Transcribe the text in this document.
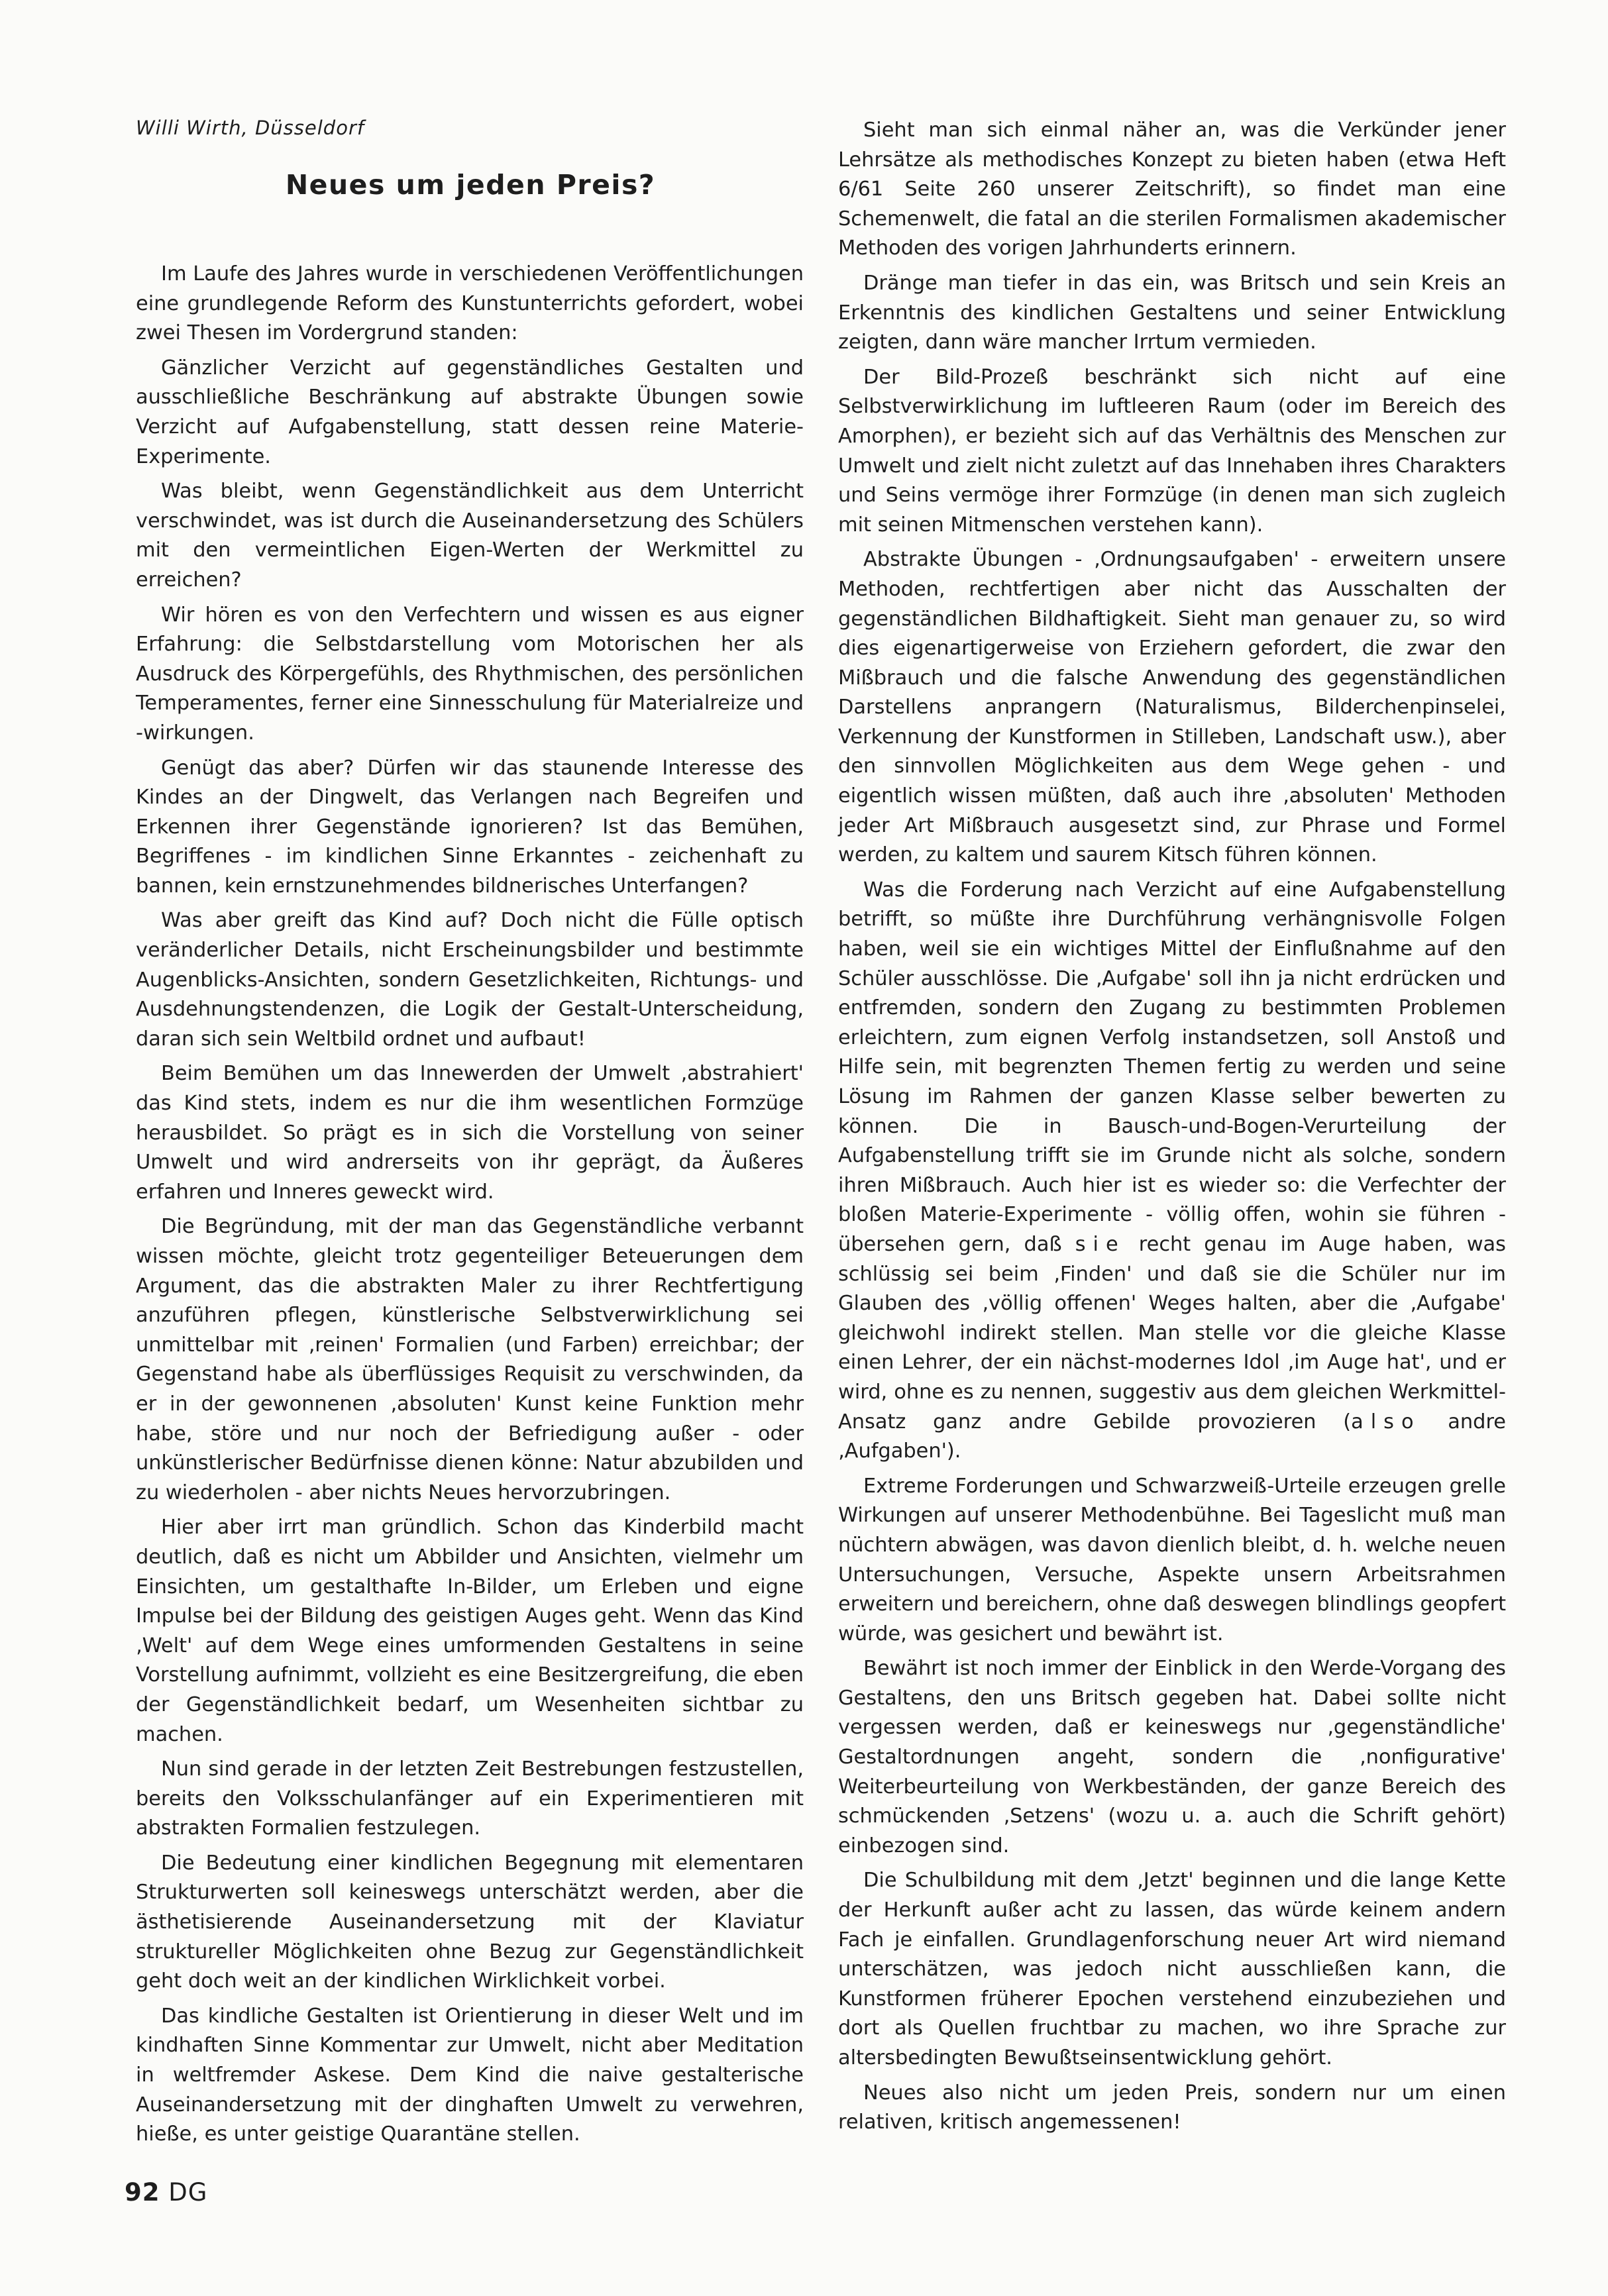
Willi Wirth, Düsseldorf

Neues um jeden Preis?

Im Laufe des Jahres wurde in verschiedenen Veröffentlichungen eine grundlegende Reform des Kunstunterrichts gefordert, wobei zwei Thesen im Vordergrund standen:

Gänzlicher Verzicht auf gegenständliches Gestalten und ausschließliche Beschränkung auf abstrakte Übungen sowie Verzicht auf Aufgabenstellung, statt dessen reine Materie-Experimente.

Was bleibt, wenn Gegenständlichkeit aus dem Unterricht verschwindet, was ist durch die Auseinandersetzung des Schülers mit den vermeintlichen Eigen-Werten der Werkmittel zu erreichen?

Wir hören es von den Verfechtern und wissen es aus eigner Erfahrung: die Selbstdarstellung vom Motorischen her als Ausdruck des Körpergefühls, des Rhythmischen, des persönlichen Temperamentes, ferner eine Sinnesschulung für Materialreize und -wirkungen.

Genügt das aber? Dürfen wir das staunende Interesse des Kindes an der Dingwelt, das Verlangen nach Begreifen und Erkennen ihrer Gegenstände ignorieren? Ist das Bemühen, Begriffenes - im kindlichen Sinne Erkanntes - zeichenhaft zu bannen, kein ernstzunehmendes bildnerisches Unterfangen?

Was aber greift das Kind auf? Doch nicht die Fülle optisch veränderlicher Details, nicht Erscheinungsbilder und bestimmte Augenblicks-Ansichten, sondern Gesetzlichkeiten, Richtungs- und Ausdehnungstendenzen, die Logik der Gestalt-Unterscheidung, daran sich sein Weltbild ordnet und aufbaut!

Beim Bemühen um das Innewerden der Umwelt ‚abstrahiert' das Kind stets, indem es nur die ihm wesentlichen Formzüge herausbildet. So prägt es in sich die Vorstellung von seiner Umwelt und wird andrerseits von ihr geprägt, da Äußeres erfahren und Inneres geweckt wird.

Die Begründung, mit der man das Gegenständliche verbannt wissen möchte, gleicht trotz gegenteiliger Beteuerungen dem Argument, das die abstrakten Maler zu ihrer Rechtfertigung anzuführen pflegen, künstlerische Selbstverwirklichung sei unmittelbar mit ‚reinen' Formalien (und Farben) erreichbar; der Gegenstand habe als überflüssiges Requisit zu verschwinden, da er in der gewonnenen ‚absoluten' Kunst keine Funktion mehr habe, störe und nur noch der Befriedigung außer - oder unkünstlerischer Bedürfnisse dienen könne: Natur abzubilden und zu wiederholen - aber nichts Neues hervorzubringen.

Hier aber irrt man gründlich. Schon das Kinderbild macht deutlich, daß es nicht um Abbilder und Ansichten, vielmehr um Einsichten, um gestalthafte In-Bilder, um Erleben und eigne Impulse bei der Bildung des geistigen Auges geht. Wenn das Kind ‚Welt' auf dem Wege eines umformenden Gestaltens in seine Vorstellung aufnimmt, vollzieht es eine Besitzergreifung, die eben der Gegenständlichkeit bedarf, um Wesenheiten sichtbar zu machen.

Nun sind gerade in der letzten Zeit Bestrebungen festzustellen, bereits den Volksschulanfänger auf ein Experimentieren mit abstrakten Formalien festzulegen.

Die Bedeutung einer kindlichen Begegnung mit elementaren Strukturwerten soll keineswegs unterschätzt werden, aber die ästhetisierende Auseinandersetzung mit der Klaviatur struktureller Möglichkeiten ohne Bezug zur Gegenständlichkeit geht doch weit an der kindlichen Wirklichkeit vorbei.

Das kindliche Gestalten ist Orientierung in dieser Welt und im kindhaften Sinne Kommentar zur Umwelt, nicht aber Meditation in weltfremder Askese. Dem Kind die naive gestalterische Auseinandersetzung mit der dinghaften Umwelt zu verwehren, hieße, es unter geistige Quarantäne stellen.

Sieht man sich einmal näher an, was die Verkünder jener Lehrsätze als methodisches Konzept zu bieten haben (etwa Heft 6/61 Seite 260 unserer Zeitschrift), so findet man eine Schemenwelt, die fatal an die sterilen Formalismen akademischer Methoden des vorigen Jahrhunderts erinnern.

Dränge man tiefer in das ein, was Britsch und sein Kreis an Erkenntnis des kindlichen Gestaltens und seiner Entwicklung zeigten, dann wäre mancher Irrtum vermieden.

Der Bild-Prozeß beschränkt sich nicht auf eine Selbstverwirklichung im luftleeren Raum (oder im Bereich des Amorphen), er bezieht sich auf das Verhältnis des Menschen zur Umwelt und zielt nicht zuletzt auf das Innehaben ihres Charakters und Seins vermöge ihrer Formzüge (in denen man sich zugleich mit seinen Mitmenschen verstehen kann).

Abstrakte Übungen - ‚Ordnungsaufgaben' - erweitern unsere Methoden, rechtfertigen aber nicht das Ausschalten der gegenständlichen Bildhaftigkeit. Sieht man genauer zu, so wird dies eigenartigerweise von Erziehern gefordert, die zwar den Mißbrauch und die falsche Anwendung des gegenständlichen Darstellens anprangern (Naturalismus, Bilderchenpinselei, Verkennung der Kunstformen in Stilleben, Landschaft usw.), aber den sinnvollen Möglichkeiten aus dem Wege gehen - und eigentlich wissen müßten, daß auch ihre ‚absoluten' Methoden jeder Art Mißbrauch ausgesetzt sind, zur Phrase und Formel werden, zu kaltem und saurem Kitsch führen können.

Was die Forderung nach Verzicht auf eine Aufgabenstellung betrifft, so müßte ihre Durchführung verhängnisvolle Folgen haben, weil sie ein wichtiges Mittel der Einflußnahme auf den Schüler ausschlösse. Die ‚Aufgabe' soll ihn ja nicht erdrücken und entfremden, sondern den Zugang zu bestimmten Problemen erleichtern, zum eignen Verfolg instandsetzen, soll Anstoß und Hilfe sein, mit begrenzten Themen fertig zu werden und seine Lösung im Rahmen der ganzen Klasse selber bewerten zu können. Die in Bausch-und-Bogen-Verurteilung der Aufgabenstellung trifft sie im Grunde nicht als solche, sondern ihren Mißbrauch. Auch hier ist es wieder so: die Verfechter der bloßen Materie-Experimente - völlig offen, wohin sie führen - übersehen gern, daß sie recht genau im Auge haben, was schlüssig sei beim ‚Finden' und daß sie die Schüler nur im Glauben des ‚völlig offenen' Weges halten, aber die ‚Aufgabe' gleichwohl indirekt stellen. Man stelle vor die gleiche Klasse einen Lehrer, der ein nächst-modernes Idol ‚im Auge hat', und er wird, ohne es zu nennen, suggestiv aus dem gleichen Werkmittel-Ansatz ganz andre Gebilde provozieren (also andre ‚Aufgaben').

Extreme Forderungen und Schwarzweiß-Urteile erzeugen grelle Wirkungen auf unserer Methodenbühne. Bei Tageslicht muß man nüchtern abwägen, was davon dienlich bleibt, d. h. welche neuen Untersuchungen, Versuche, Aspekte unsern Arbeitsrahmen erweitern und bereichern, ohne daß deswegen blindlings geopfert würde, was gesichert und bewährt ist.

Bewährt ist noch immer der Einblick in den Werde-Vorgang des Gestaltens, den uns Britsch gegeben hat. Dabei sollte nicht vergessen werden, daß er keineswegs nur ‚gegenständliche' Gestaltordnungen angeht, sondern die ‚nonfigurative' Weiterbeurteilung von Werkbeständen, der ganze Bereich des schmückenden ‚Setzens' (wozu u. a. auch die Schrift gehört) einbezogen sind.

Die Schulbildung mit dem ‚Jetzt' beginnen und die lange Kette der Herkunft außer acht zu lassen, das würde keinem andern Fach je einfallen. Grundlagenforschung neuer Art wird niemand unterschätzen, was jedoch nicht ausschließen kann, die Kunstformen früherer Epochen verstehend einzubeziehen und dort als Quellen fruchtbar zu machen, wo ihre Sprache zur altersbedingten Bewußtseinsentwicklung gehört.

Neues also nicht um jeden Preis, sondern nur um einen relativen, kritisch angemessenen!

92 DG
